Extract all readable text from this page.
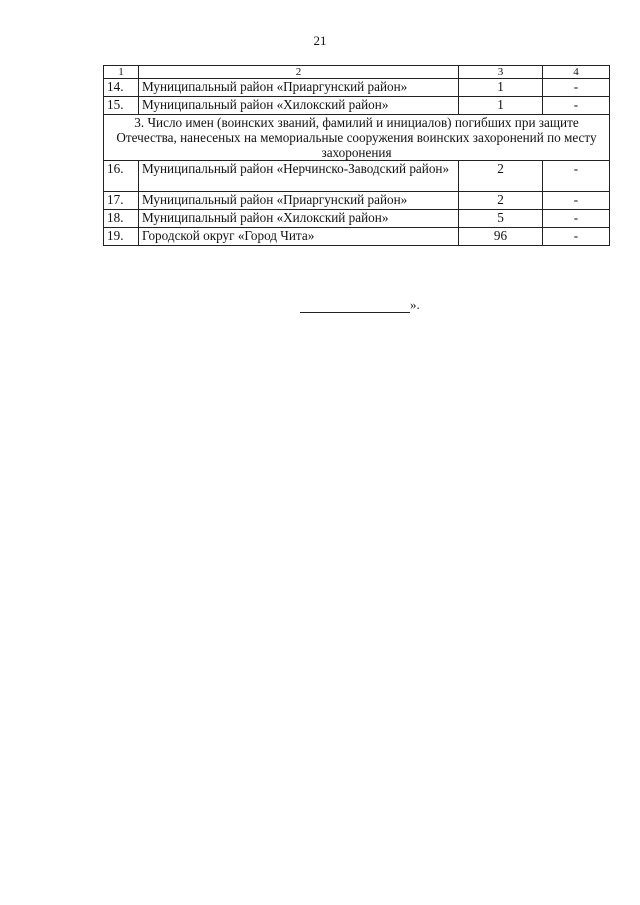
21
1	2	3	4
14.	Муниципальный район «Приаргунский район»	1	-
15.	Муниципальный район «Хилокский район»	1	-
3. Число имен (воинских званий, фамилий и инициалов) погибших при защите Отечества, нанесеных на мемориальные сооружения воинских захоронений по месту захоронения			
16.	Муниципальный район «Нерчинско-Заводский район»	2	-
17.	Муниципальный район «Приаргунский район»	2	-
18.	Муниципальный район «Хилокский район»	5	-
19.	Городской округ «Город Чита»	96	-
».
